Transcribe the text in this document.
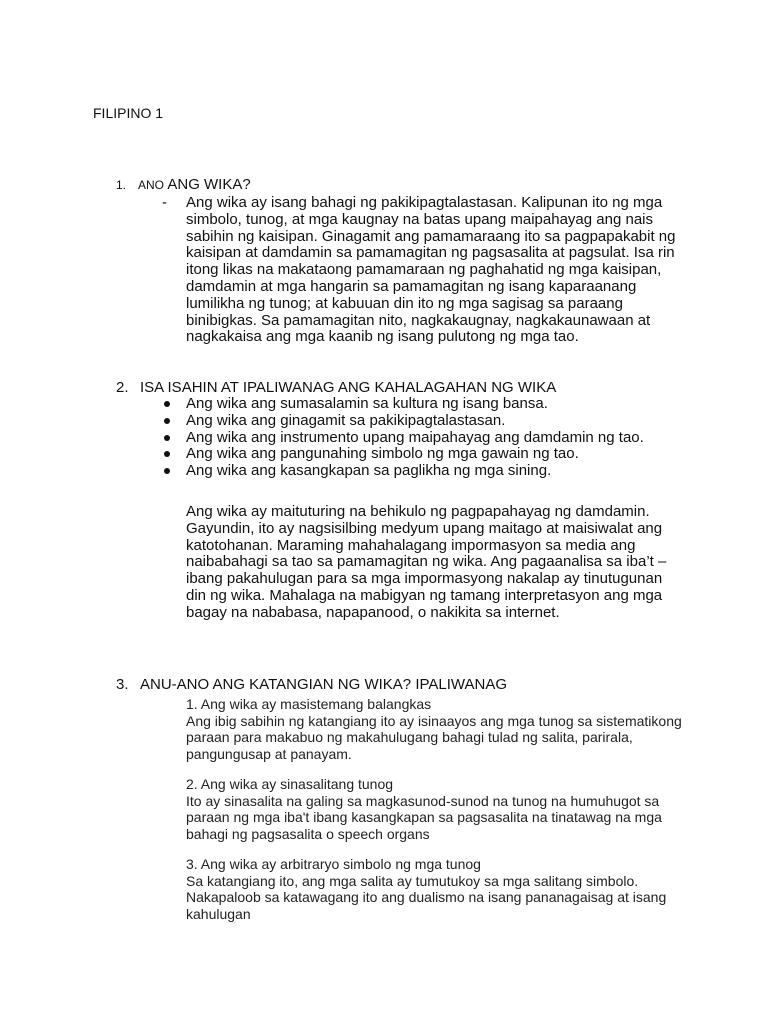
FILIPINO 1
1. ANO ANG WIKA?
- Ang wika ay isang bahagi ng pakikipagtalastasan. Kalipunan ito ng mga simbolo, tunog, at mga kaugnay na batas upang maipahayag ang nais sabihin ng kaisipan. Ginagamit ang pamamaraang ito sa pagpapakabit ng kaisipan at damdamin sa pamamagitan ng pagsasalita at pagsulat. Isa rin itong likas na makataong pamamaraan ng paghahatid ng mga kaisipan, damdamin at mga hangarin sa pamamagitan ng isang kaparaanang lumilikha ng tunog; at kabuuan din ito ng mga sagisag sa paraang binibigkas. Sa pamamagitan nito, nagkakaugnay, nagkakaunawaan at nagkakaisa ang mga kaanib ng isang pulutong ng mga tao.
2. ISA ISAHIN AT IPALIWANAG ANG KAHALAGAHAN NG WIKA
Ang wika ang sumasalamin sa kultura ng isang bansa.
Ang wika ang ginagamit sa pakikipagtalastasan.
Ang wika ang instrumento upang maipahayag ang damdamin ng tao.
Ang wika ang pangunahing simbolo ng mga gawain ng tao.
Ang wika ang kasangkapan sa paglikha ng mga sining.
Ang wika ay maituturing na behikulo ng pagpapahayag ng damdamin. Gayundin, ito ay nagsisilbing medyum upang maitago at maisiwalat ang katotohanan. Maraming mahahalagang impormasyon sa media ang naibabahagi sa tao sa pamamagitan ng wika. Ang pagaanalisa sa iba’t – ibang pakahulugan para sa mga impormasyong nakalap ay tinutugunan din ng wika. Mahalaga na mabigyan ng tamang interpretasyon ang mga bagay na nababasa, napapanood, o nakikita sa internet.
3. ANU-ANO ANG KATANGIAN NG WIKA? IPALIWANAG
1. Ang wika ay masistemang balangkas
Ang ibig sabihin ng katangiang ito ay isinaayos ang mga tunog sa sistematikong paraan para makabuo ng makahulugang bahagi tulad ng salita, parirala, pangungusap at panayam.
2. Ang wika ay sinasalitang tunog
Ito ay sinasalita na galing sa magkasunod-sunod na tunog na humuhugot sa paraan ng mga iba't ibang kasangkapan sa pagsasalita na tinatawag na mga bahagi ng pagsasalita o speech organs
3. Ang wika ay arbitraryo simbolo ng mga tunog
Sa katangiang ito, ang mga salita ay tumutukoy sa mga salitang simbolo. Nakapaloob sa katawagang ito ang dualismo na isang pananagaisag at isang kahulugan
